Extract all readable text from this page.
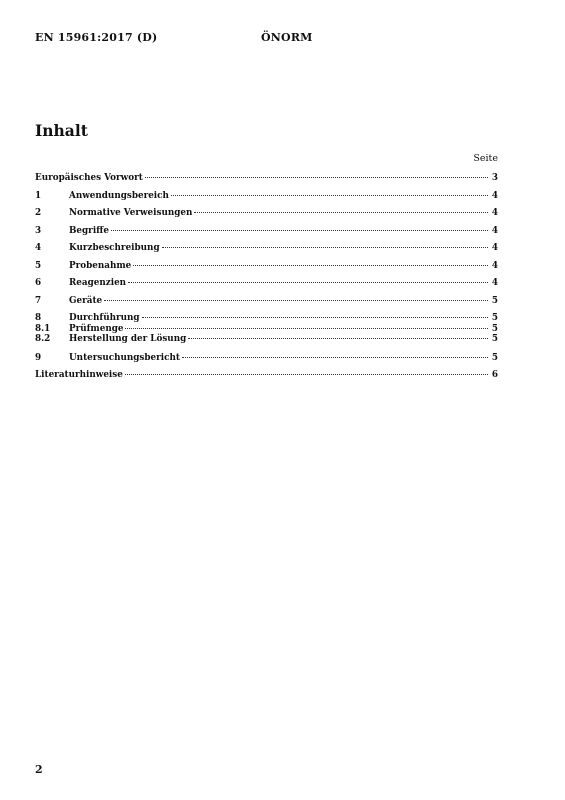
EN 15961:2017 (D)	ÖNORM
Inhalt
Seite
Europäisches Vorwort	3
1	Anwendungsbereich	4
2	Normative Verweisungen	4
3	Begriffe	4
4	Kurzbeschreibung	4
5	Probenahme	4
6	Reagenzien	4
7	Geräte	5
8	Durchführung	5
8.1	Prüfmenge	5
8.2	Herstellung der Lösung	5
9	Untersuchungsbericht	5
Literaturhinweise	6
2
